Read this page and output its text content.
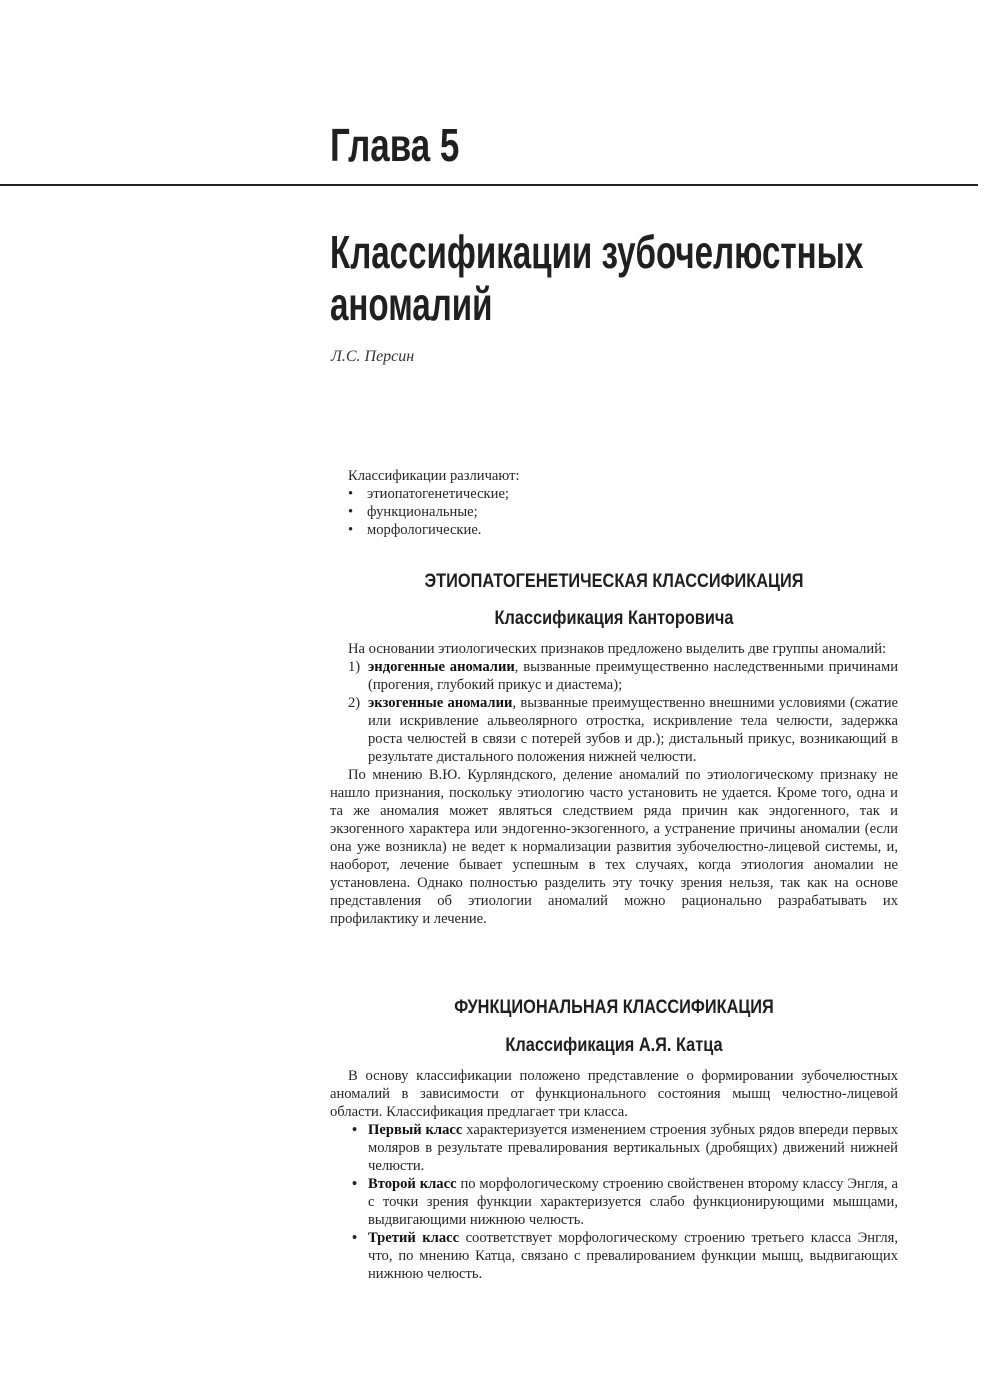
Глава 5
Классификации зубочелюстных
аномалий
Л.С. Персин

Классификации различают:

• этиопатогенетические;
• функциональные;
• морфологические.
ЭТИОПАТОГЕНЕТИЧЕСКАЯ КЛАССИФИКАЦИЯ
Классификация Канторовича

На основании этиологических признаков предложено выделить две группы аномалий:

1) эндогенные аномалии, вызванные преимущественно наследственными причинами (прогения, глубокий прикус и диастема);
2) экзогенные аномалии, вызванные преимущественно внешними условиями (сжатие или искривление альвеолярного отростка, искривление тела челюсти, задержка роста челюстей в связи с потерей зубов и др.); дистальный прикус, возникающий в результате дистального положения нижней челюсти.

По мнению В.Ю. Курляндского, деление аномалий по этиологическому признаку не нашло признания, поскольку этиологию часто установить не удается. Кроме того, одна и та же аномалия может являться следствием ряда причин как эндогенного, так и экзогенного характера или эндогенно-экзогенного, а устранение причины аномалии (если она уже возникла) не ведет к нормализации развития зубочелюстно-лицевой системы, и, наоборот, лечение бывает успешным в тех случаях, когда этиология аномалии не установлена. Однако полностью разделить эту точку зрения нельзя, так как на основе представления об этиологии аномалий можно рационально разрабатывать их профилактику и лечение.

ФУНКЦИОНАЛЬНАЯ КЛАССИФИКАЦИЯ
Классификация А.Я. Катца

В основу классификации положено представление о формировании зубочелюстных аномалий в зависимости от функционального состояния мышц челюстно-лицевой области. Классификация предлагает три класса.

• Первый класс характеризуется изменением строения зубных рядов впереди первых моляров в результате превалирования вертикальных (дробящих) движений нижней челюсти.
• Второй класс по морфологическому строению свойственен второму классу Энгля, а с точки зрения функции характеризуется слабо функционирующими мышцами, выдвигающими нижнюю челюсть.
• Третий класс соответствует морфологическому строению третьего класса Энгля, что, по мнению Катца, связано с превалированием функции мышц, выдвигающих нижнюю челюсть.
